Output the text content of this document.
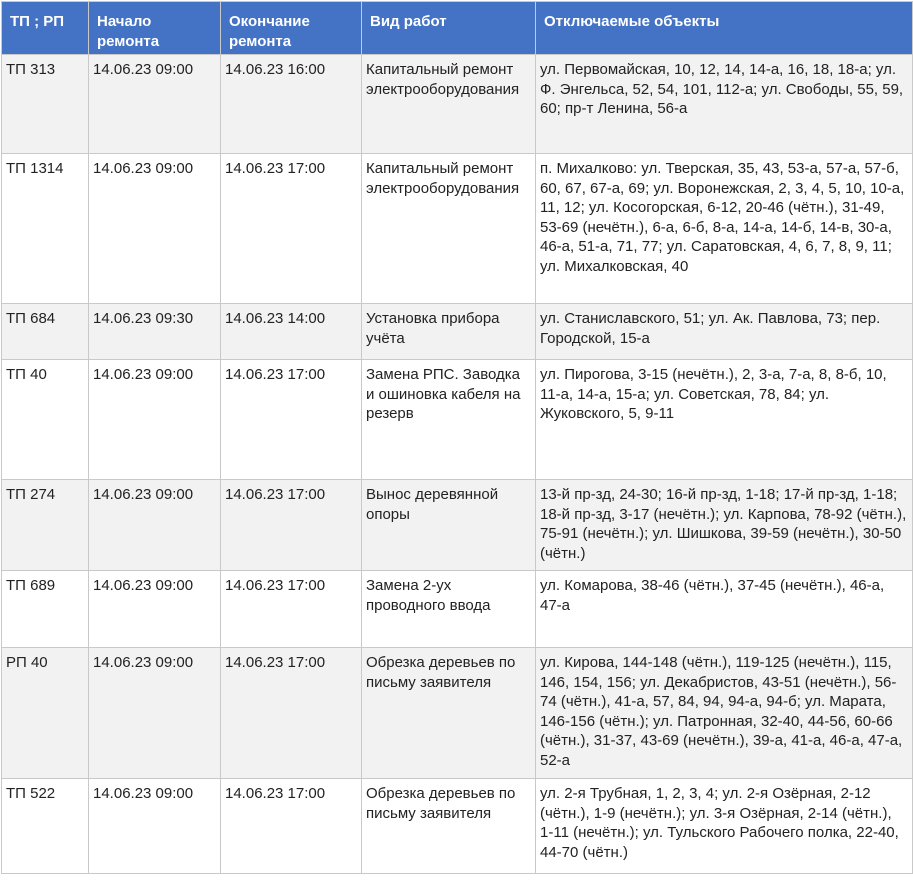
ТП ; РП	Начало ремонта	Окончание ремонта	Вид работ	Отключаемые объекты
ТП 313	14.06.23 09:00	14.06.23 16:00	Капитальный ремонт электрооборудования	ул. Первомайская, 10, 12, 14, 14-а, 16, 18, 18-а; ул. Ф. Энгельса, 52, 54, 101, 112-а; ул. Свободы, 55, 59, 60; пр-т Ленина, 56-а
ТП 1314	14.06.23 09:00	14.06.23 17:00	Капитальный ремонт электрооборудования	п. Михалково: ул. Тверская, 35, 43, 53-а, 57-а, 57-б, 60, 67, 67-а, 69; ул. Воронежская, 2, 3, 4, 5, 10, 10-а, 11, 12; ул. Косогорская, 6-12, 20-46 (чётн.), 31-49, 53-69 (нечётн.), 6-а, 6-б, 8-а, 14-а, 14-б, 14-в, 30-а, 46-а, 51-а, 71, 77; ул. Саратовская, 4, 6, 7, 8, 9, 11; ул. Михалковская, 40
ТП 684	14.06.23 09:30	14.06.23 14:00	Установка прибора учёта	ул. Станиславского, 51; ул. Ак. Павлова, 73; пер. Городской, 15-а
ТП 40	14.06.23 09:00	14.06.23 17:00	Замена РПС. Заводка и ошиновка кабеля на резерв	ул. Пирогова, 3-15 (нечётн.), 2, 3-а, 7-а, 8, 8-б, 10, 11-а, 14-а, 15-а; ул. Советская, 78, 84; ул. Жуковского, 5, 9-11
ТП 274	14.06.23 09:00	14.06.23 17:00	Вынос деревянной опоры	13-й пр-зд, 24-30; 16-й пр-зд, 1-18; 17-й пр-зд, 1-18; 18-й пр-зд, 3-17 (нечётн.); ул. Карпова, 78-92 (чётн.), 75-91 (нечётн.); ул. Шишкова, 39-59 (нечётн.), 30-50 (чётн.)
ТП 689	14.06.23 09:00	14.06.23 17:00	Замена 2-ух проводного ввода	ул. Комарова, 38-46 (чётн.), 37-45 (нечётн.), 46-а, 47-а
РП 40	14.06.23 09:00	14.06.23 17:00	Обрезка деревьев по письму заявителя	ул. Кирова, 144-148 (чётн.), 119-125 (нечётн.), 115, 146, 154, 156; ул. Декабристов, 43-51 (нечётн.), 56-74 (чётн.), 41-а, 57, 84, 94, 94-а, 94-б; ул. Марата, 146-156 (чётн.); ул. Патронная, 32-40, 44-56, 60-66 (чётн.), 31-37, 43-69 (нечётн.), 39-а, 41-а, 46-а, 47-а, 52-а
ТП 522	14.06.23 09:00	14.06.23 17:00	Обрезка деревьев по письму заявителя	ул. 2-я Трубная, 1, 2, 3, 4; ул. 2-я Озёрная, 2-12 (чётн.), 1-9 (нечётн.); ул. 3-я Озёрная, 2-14 (чётн.), 1-11 (нечётн.); ул. Тульского Рабочего полка, 22-40, 44-70 (чётн.)
